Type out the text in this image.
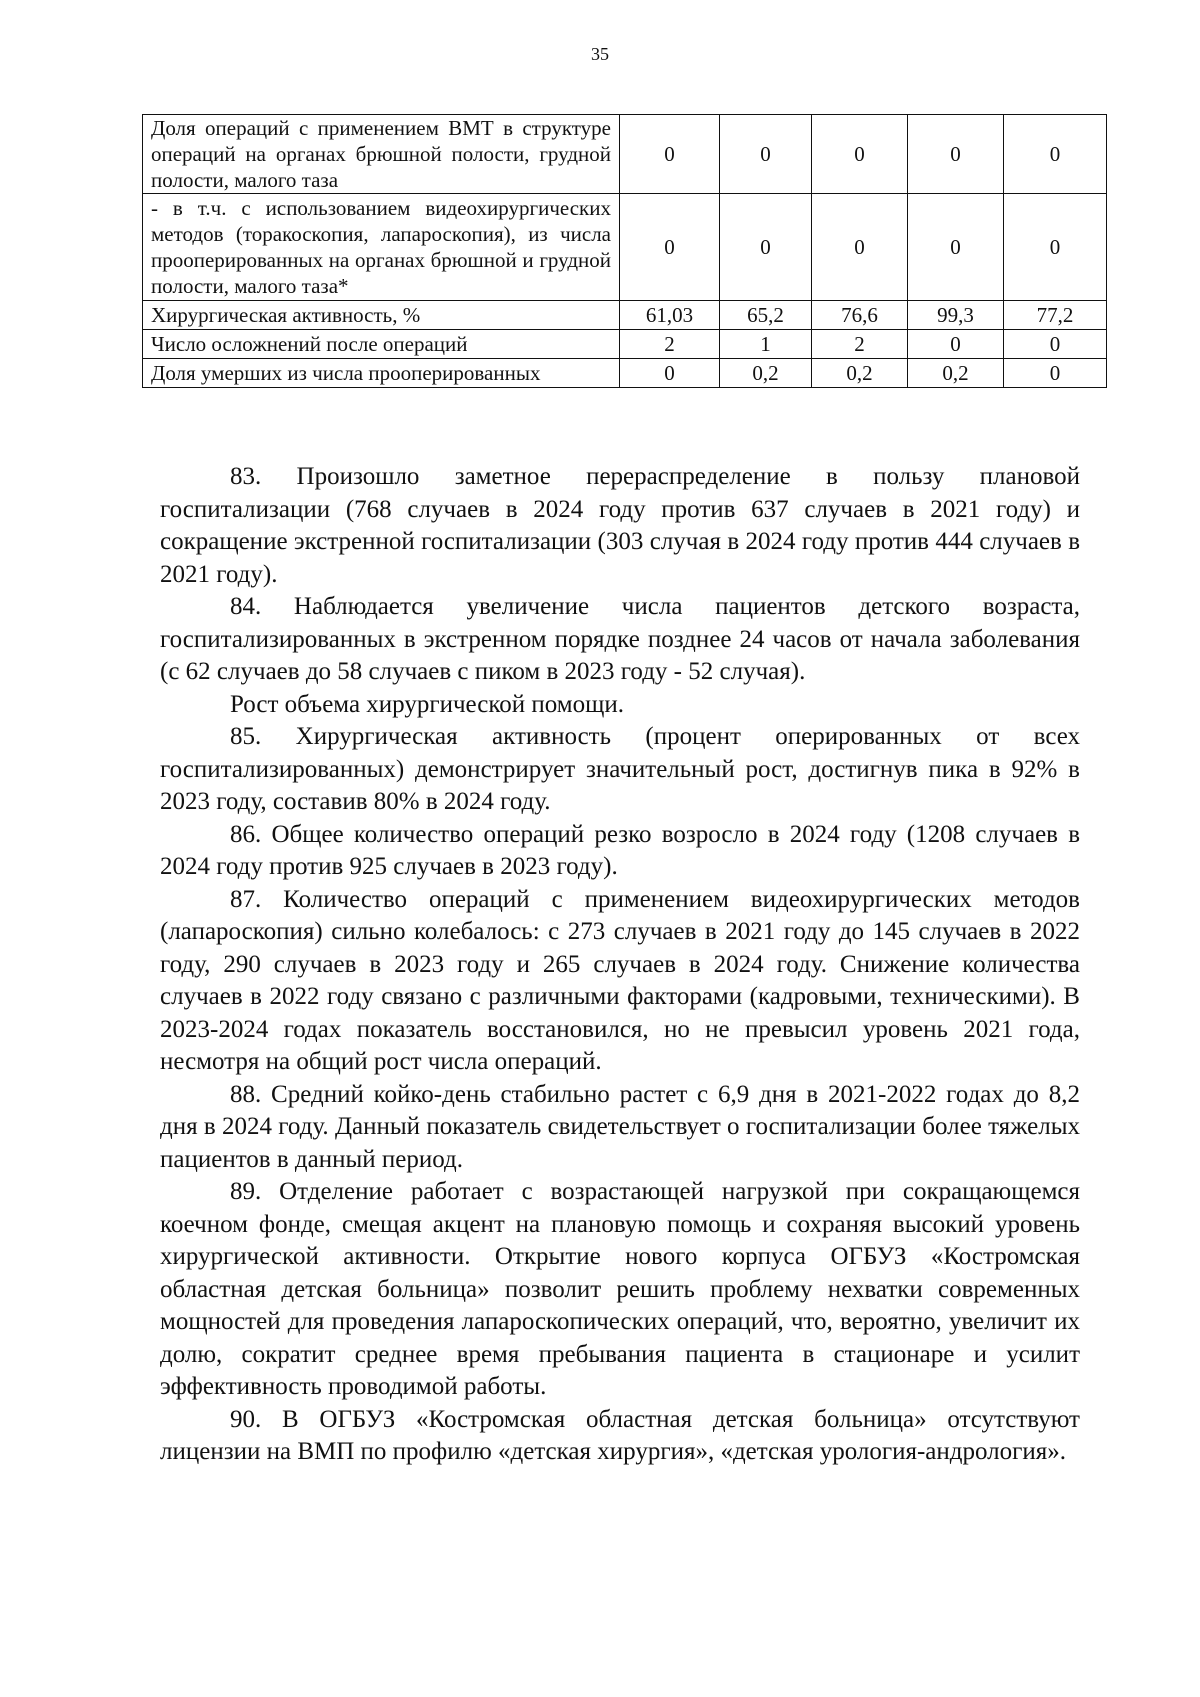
35
Доля операций с применением ВМТ в структуре операций на органах брюшной полости, грудной полости, малого таза	0	0	0	0	0
- в т.ч. с использованием видеохирургических методов (торакоскопия, лапароскопия), из числа прооперированных на органах брюшной и грудной полости, малого таза*	0	0	0	0	0
Хирургическая активность, %	61,03	65,2	76,6	99,3	77,2
Число осложнений после операций	2	1	2	0	0
Доля умерших из числа прооперированных	0	0,2	0,2	0,2	0

83. Произошло заметное перераспределение в пользу плановой госпитализации (768 случаев в 2024 году против 637 случаев в 2021 году) и сокращение экстренной госпитализации (303 случая в 2024 году против 444 случаев в 2021 году).

84. Наблюдается увеличение числа пациентов детского возраста, госпитализированных в экстренном порядке позднее 24 часов от начала заболевания (с 62 случаев до 58 случаев с пиком в 2023 году - 52 случая).

Рост объема хирургической помощи.

85. Хирургическая активность (процент оперированных от всех госпитализированных) демонстрирует значительный рост, достигнув пика в 92% в 2023 году, составив 80% в 2024 году.

86. Общее количество операций резко возросло в 2024 году (1208 случаев в 2024 году против 925 случаев в 2023 году).

87. Количество операций с применением видеохирургических методов (лапароскопия) сильно колебалось: с 273 случаев в 2021 году до 145 случаев в 2022 году, 290 случаев в 2023 году и 265 случаев в 2024 году. Снижение количества случаев в 2022 году связано с различными факторами (кадровыми, техническими). В 2023-2024 годах показатель восстановился, но не превысил уровень 2021 года, несмотря на общий рост числа операций.

88. Средний койко-день стабильно растет с 6,9 дня в 2021-2022 годах до 8,2 дня в 2024 году. Данный показатель свидетельствует о госпитализации более тяжелых пациентов в данный период.

89. Отделение работает с возрастающей нагрузкой при сокращающемся коечном фонде, смещая акцент на плановую помощь и сохраняя высокий уровень хирургической активности. Открытие нового корпуса ОГБУЗ «Костромская областная детская больница» позволит решить проблему нехватки современных мощностей для проведения лапароскопических операций, что, вероятно, увеличит их долю, сократит среднее время пребывания пациента в стационаре и усилит эффективность проводимой работы.

90. В ОГБУЗ «Костромская областная детская больница» отсутствуют лицензии на ВМП по профилю «детская хирургия», «детская урология-андрология».
